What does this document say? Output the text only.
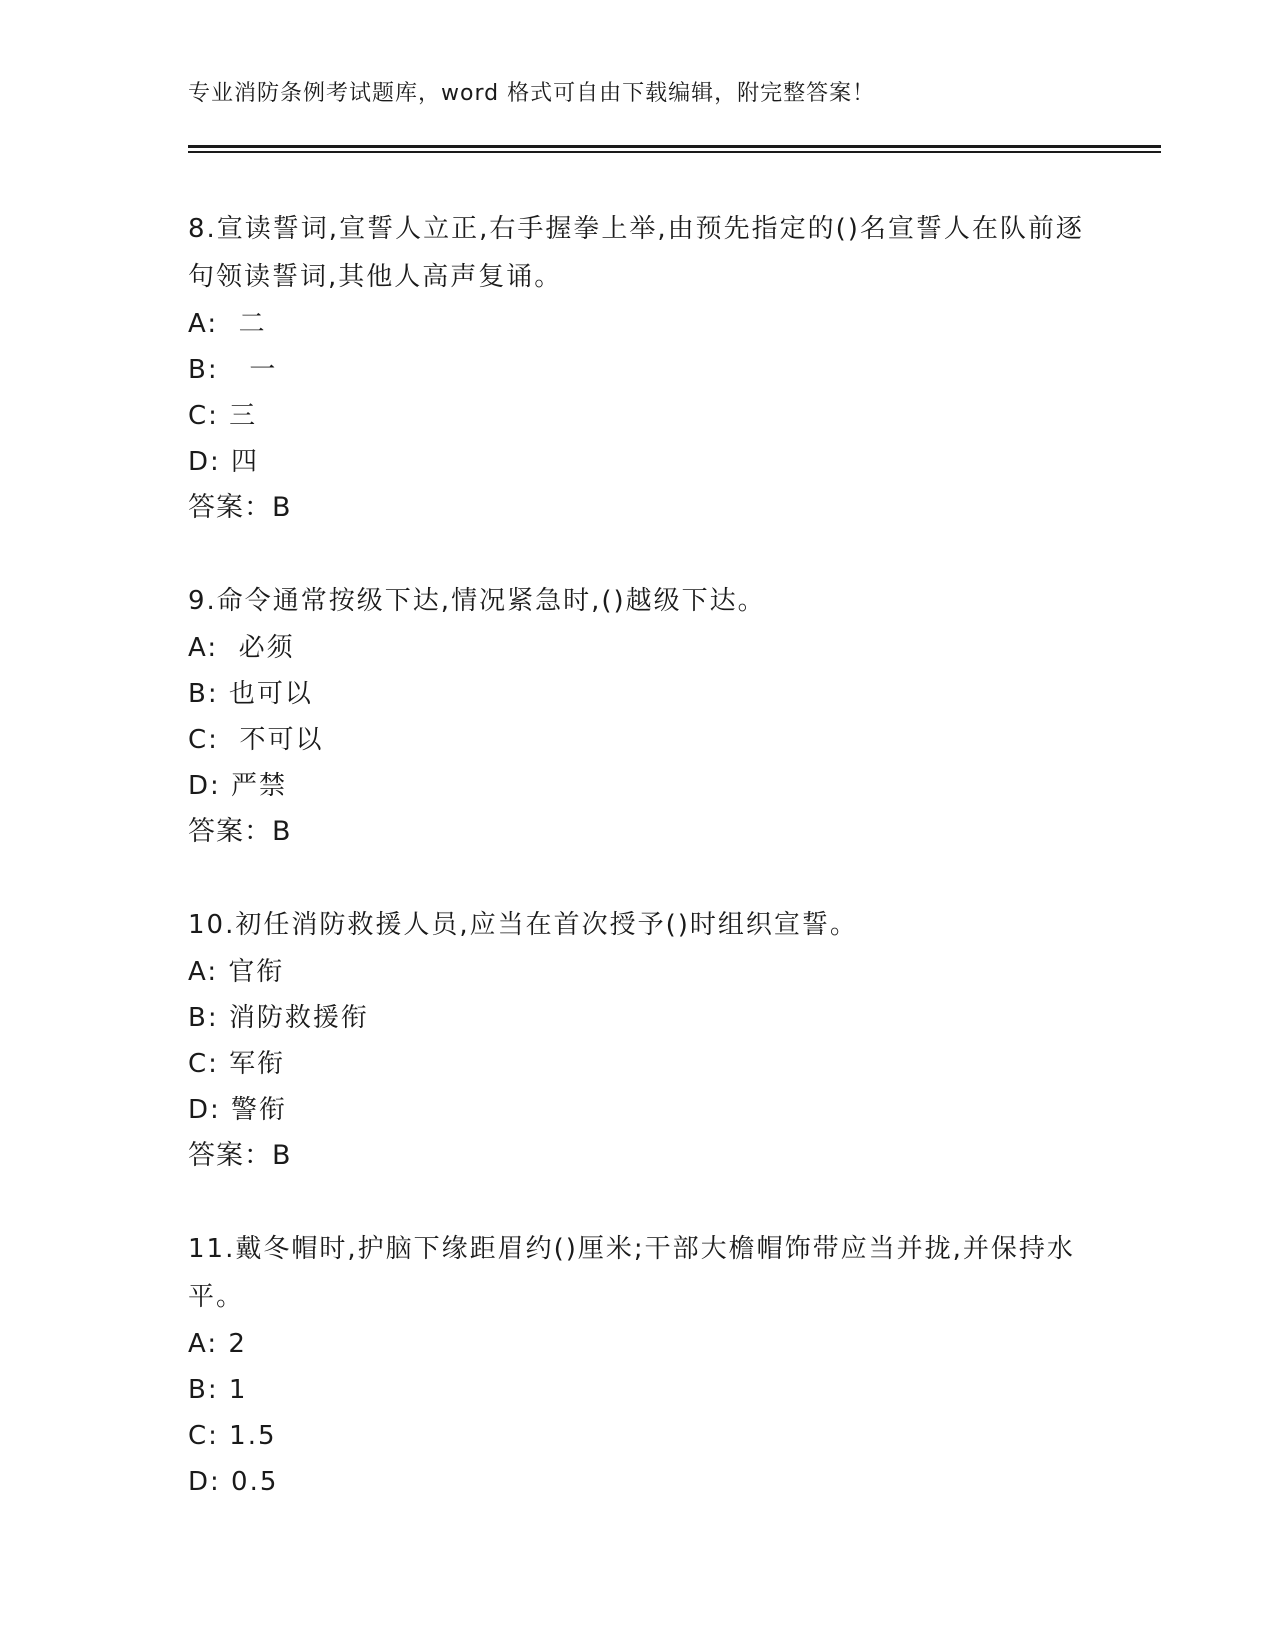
专业消防条例考试题库，word 格式可自由下载编辑，附完整答案！

8.宣读誓词,宣誓人立正,右手握拳上举,由预先指定的()名宣誓人在队前逐句领读誓词,其他人高声复诵。

A:  二

B:   一

C: 三

D: 四

答案：B

9.命令通常按级下达,情况紧急时,()越级下达。

A:  必须

B: 也可以

C:  不可以

D: 严禁

答案：B

10.初任消防救援人员,应当在首次授予()时组织宣誓。

A: 官衔

B: 消防救援衔

C: 军衔

D: 警衔

答案：B

11.戴冬帽时,护脑下缘距眉约()厘米;干部大檐帽饰带应当并拢,并保持水平。

A: 2

B: 1

C: 1.5

D: 0.5
